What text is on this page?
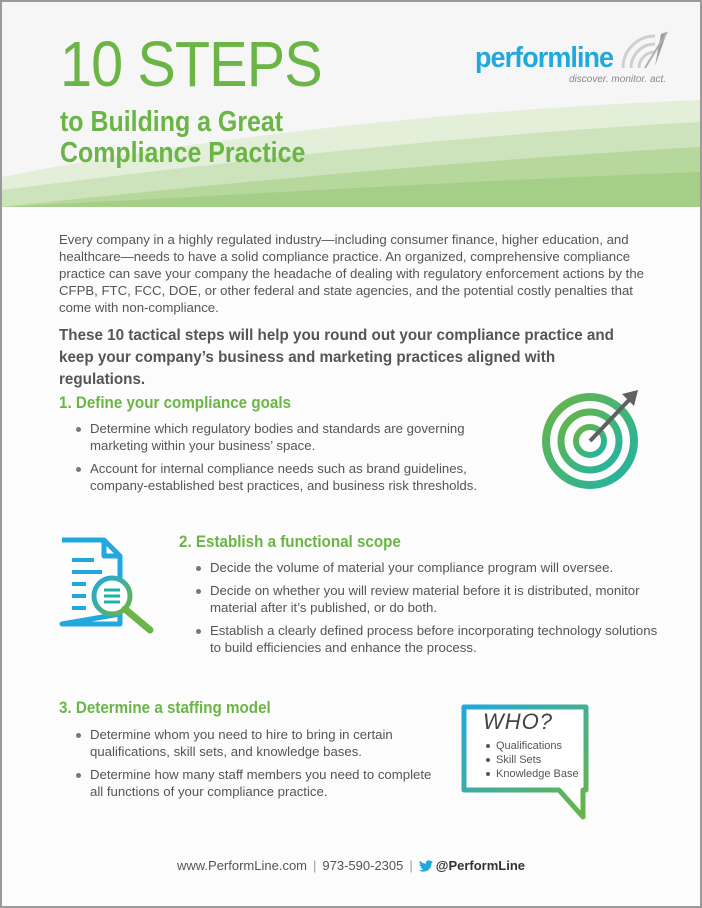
10 STEPS
to Building a Great
Compliance Practice
performline
discover. monitor. act.
Every company in a highly regulated industry—including consumer finance, higher education, and healthcare—needs to have a solid compliance practice. An organized, comprehensive compliance practice can save your company the headache of dealing with regulatory enforcement actions by the CFPB, FTC, FCC, DOE, or other federal and state agencies, and the potential costly penalties that come with non-compliance.
These 10 tactical steps will help you round out your compliance practice and keep your company’s business and marketing practices aligned with regulations.
1. Define your compliance goals
Determine which regulatory bodies and standards are governing marketing within your business’ space.
Account for internal compliance needs such as brand guidelines, company-established best practices, and business risk thresholds.
2. Establish a functional scope
Decide the volume of material your compliance program will oversee.
Decide on whether you will review material before it is distributed, monitor material after it’s published, or do both.
Establish a clearly defined process before incorporating technology solutions to build efficiencies and enhance the process.
3. Determine a staffing model
Determine whom you need to hire to bring in certain qualifications, skill sets, and knowledge bases.
Determine how many staff members you need to complete all functions of your compliance practice.
WHO?
Qualifications
Skill Sets
Knowledge Base
www.PerformLine.com | 973-590-2305 | @PerformLine
